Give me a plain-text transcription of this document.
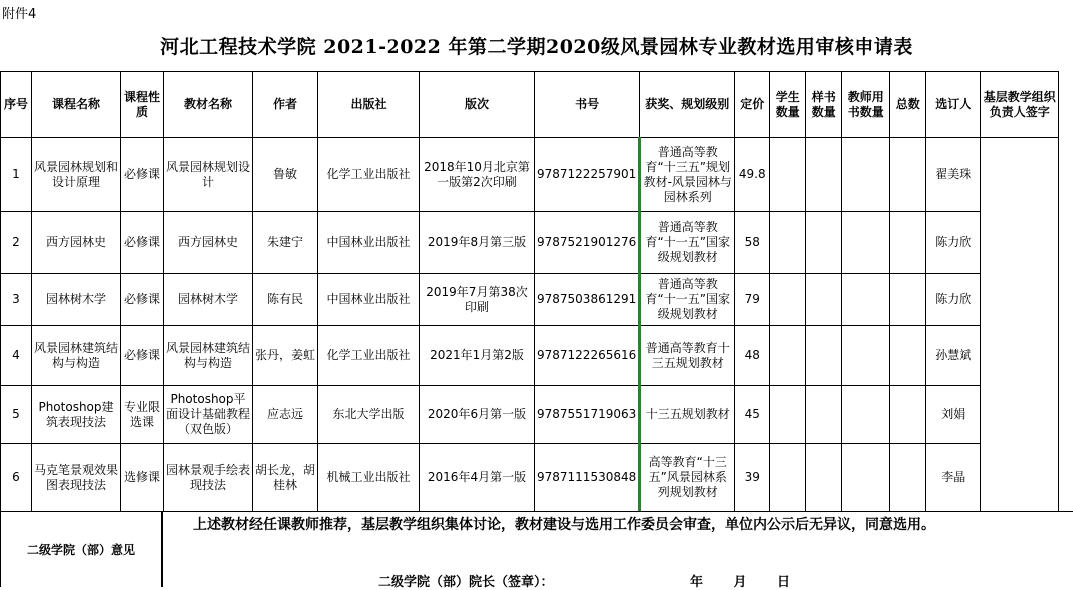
附件4
河北工程技术学院 2021-2022 年第二学期2020级风景园林专业教材选用审核申请表
序号	课程名称	课程性质	教材名称	作者	出版社	版次	书号	获奖、规划级别	定价	学生数量	样书数量	教师用书数量	总数	选订人	基层教学组织负责人签字
1	风景园林规划和设计原理	必修课	风景园林规划设计	鲁敏	化学工业出版社	2018年10月北京第一版第2次印刷	9787122257901	普通高等教育“十三五”规划教材-风景园林与园林系列	49.8					翟美珠	
2	西方园林史	必修课	西方园林史	朱建宁	中国林业出版社	2019年8月第三版	9787521901276	普通高等教育“十一五”国家级规划教材	58					陈力欣	
3	园林树木学	必修课	园林树木学	陈有民	中国林业出版社	2019年7月第38次印刷	9787503861291	普通高等教育“十一五”国家级规划教材	79					陈力欣	
4	风景园林建筑结构与构造	必修课	风景园林建筑结构与构造	张丹，姜虹	化学工业出版社	2021年1月第2版	9787122265616	普通高等教育十三五规划教材	48					孙慧斌	
5	Photoshop建筑表现技法	专业限选课	Photoshop平面设计基础教程（双色版）	应志远	东北大学出版	2020年6月第一版	9787551719063	十三五规划教材	45					刘娟	
6	马克笔景观效果图表现技法	选修课	园林景观手绘表现技法	胡长龙，胡桂林	机械工业出版社	2016年4月第一版	9787111530848	高等教育“十三五”风景园林系列规划教材	39					李晶	
二级学院（部）意见
上述教材经任课教师推荐，基层教学组织集体讨论，教材建设与选用工作委员会审查，单位内公示后无异议，同意选用。
二级学院（部）院长（签章）：	年 月 日
